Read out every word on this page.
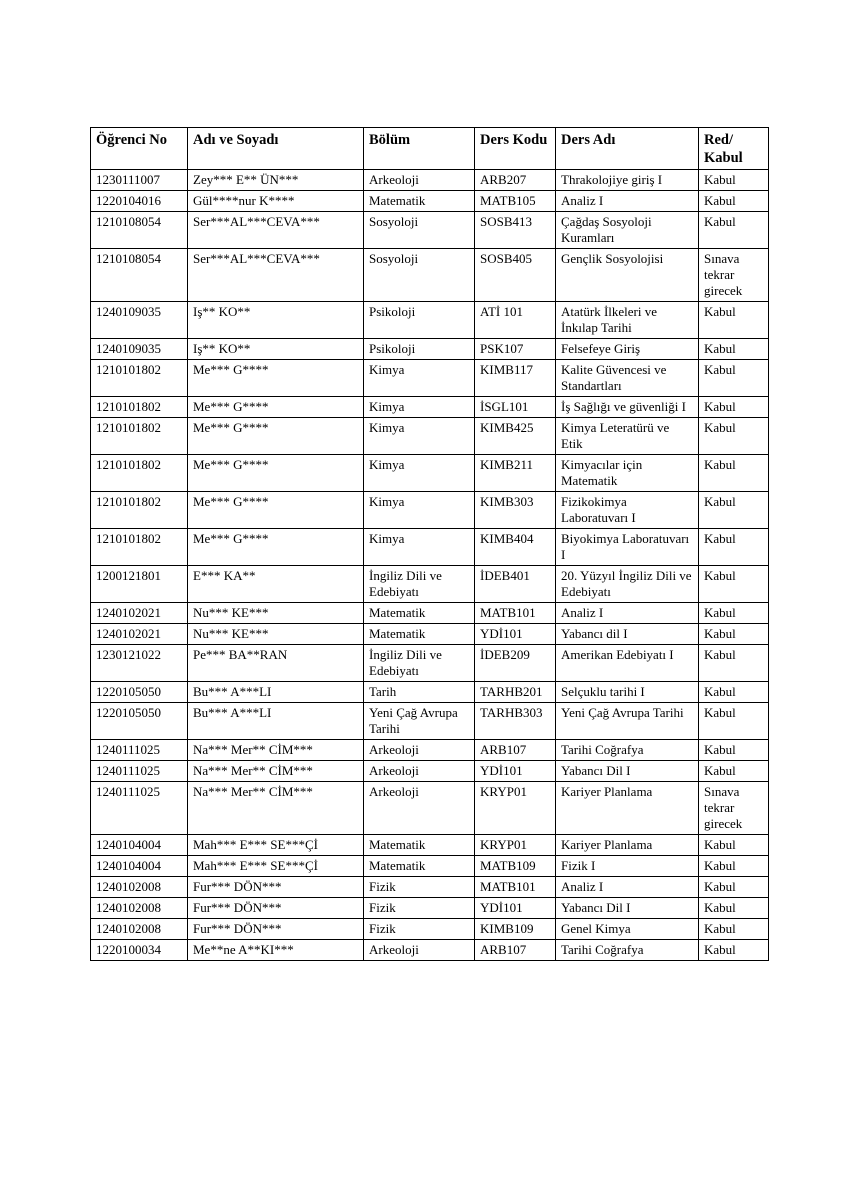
Öğrenci No	Adı ve Soyadı	Bölüm	Ders Kodu	Ders Adı	Red/ Kabul
1230111007	Zey*** E** ÜN***	Arkeoloji	ARB207	Thrakolojiye giriş I	Kabul
1220104016	Gül****nur K****	Matematik	MATB105	Analiz I	Kabul
1210108054	Ser***AL***CEVA***	Sosyoloji	SOSB413	Çağdaş Sosyoloji Kuramları	Kabul
1210108054	Ser***AL***CEVA***	Sosyoloji	SOSB405	Gençlik Sosyolojisi	Sınava tekrar girecek
1240109035	Iş** KO**	Psikoloji	ATİ 101	Atatürk İlkeleri ve İnkılap Tarihi	Kabul
1240109035	Iş** KO**	Psikoloji	PSK107	Felsefeye Giriş	Kabul
1210101802	Me*** G****	Kimya	KIMB117	Kalite Güvencesi ve Standartları	Kabul
1210101802	Me*** G****	Kimya	İSGL101	İş Sağlığı ve güvenliği I	Kabul
1210101802	Me*** G****	Kimya	KIMB425	Kimya Leteratürü ve Etik	Kabul
1210101802	Me*** G****	Kimya	KIMB211	Kimyacılar için Matematik	Kabul
1210101802	Me*** G****	Kimya	KIMB303	Fizikokimya Laboratuvarı I	Kabul
1210101802	Me*** G****	Kimya	KIMB404	Biyokimya Laboratuvarı I	Kabul
1200121801	E*** KA**	İngiliz Dili ve Edebiyatı	İDEB401	20. Yüzyıl İngiliz Dili ve Edebiyatı	Kabul
1240102021	Nu*** KE***	Matematik	MATB101	Analiz I	Kabul
1240102021	Nu*** KE***	Matematik	YDİ101	Yabancı dil I	Kabul
1230121022	Pe*** BA**RAN	İngiliz Dili ve Edebiyatı	İDEB209	Amerikan Edebiyatı I	Kabul
1220105050	Bu*** A***LI	Tarih	TARHB201	Selçuklu tarihi I	Kabul
1220105050	Bu*** A***LI	Yeni Çağ Avrupa Tarihi	TARHB303	Yeni Çağ Avrupa Tarihi	Kabul
1240111025	Na*** Mer** CİM***	Arkeoloji	ARB107	Tarihi Coğrafya	Kabul
1240111025	Na*** Mer** CİM***	Arkeoloji	YDİ101	Yabancı Dil I	Kabul
1240111025	Na*** Mer** CİM***	Arkeoloji	KRYP01	Kariyer Planlama	Sınava tekrar girecek
1240104004	Mah*** E*** SE***Çİ	Matematik	KRYP01	Kariyer Planlama	Kabul
1240104004	Mah*** E*** SE***Çİ	Matematik	MATB109	Fizik I	Kabul
1240102008	Fur*** DÖN***	Fizik	MATB101	Analiz I	Kabul
1240102008	Fur*** DÖN***	Fizik	YDİ101	Yabancı Dil I	Kabul
1240102008	Fur*** DÖN***	Fizik	KIMB109	Genel Kimya	Kabul
1220100034	Me**ne A**KI***	Arkeoloji	ARB107	Tarihi Coğrafya	Kabul
